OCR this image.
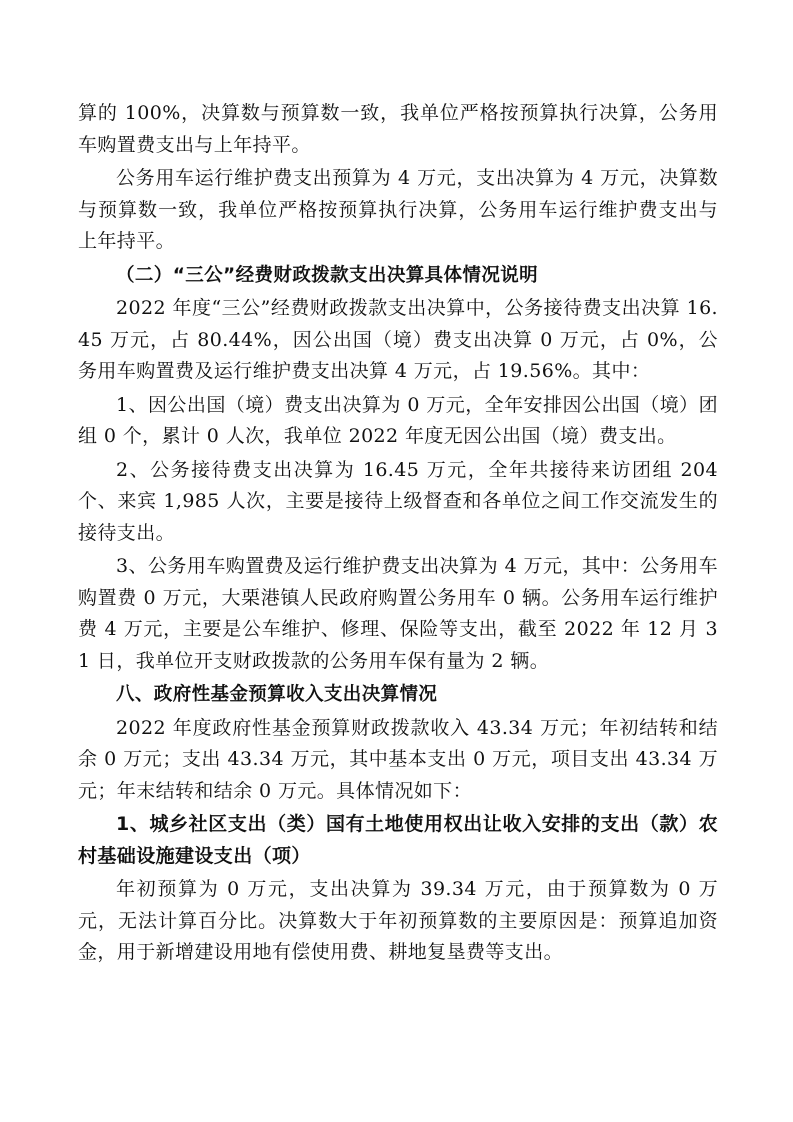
算的 100%，决算数与预算数一致，我单位严格按预算执行决算，公务用车购置费支出与上年持平。

公务用车运行维护费支出预算为 4 万元，支出决算为 4 万元，决算数与预算数一致，我单位严格按预算执行决算，公务用车运行维护费支出与上年持平。

（二）“三公”经费财政拨款支出决算具体情况说明

2022 年度“三公”经费财政拨款支出决算中，公务接待费支出决算 16.45 万元，占 80.44%，因公出国（境）费支出决算 0 万元，占 0%，公务用车购置费及运行维护费支出决算 4 万元，占 19.56%。其中：

1、因公出国（境）费支出决算为 0 万元，全年安排因公出国（境）团组 0 个，累计 0 人次，我单位 2022 年度无因公出国（境）费支出。

2、公务接待费支出决算为 16.45 万元，全年共接待来访团组 204 个、来宾 1,985 人次，主要是接待上级督查和各单位之间工作交流发生的接待支出。

3、公务用车购置费及运行维护费支出决算为 4 万元，其中：公务用车购置费 0 万元，大栗港镇人民政府购置公务用车 0 辆。公务用车运行维护费 4 万元，主要是公车维护、修理、保险等支出，截至 2022 年 12 月 31 日，我单位开支财政拨款的公务用车保有量为 2 辆。

八、政府性基金预算收入支出决算情况

2022 年度政府性基金预算财政拨款收入 43.34 万元；年初结转和结余 0 万元；支出 43.34 万元，其中基本支出 0 万元，项目支出 43.34 万元；年末结转和结余 0 万元。具体情况如下：

1、城乡社区支出（类）国有土地使用权出让收入安排的支出（款）农村基础设施建设支出（项）

年初预算为 0 万元，支出决算为 39.34 万元，由于预算数为 0 万元，无法计算百分比。决算数大于年初预算数的主要原因是：预算追加资金，用于新增建设用地有偿使用费、耕地复垦费等支出。
